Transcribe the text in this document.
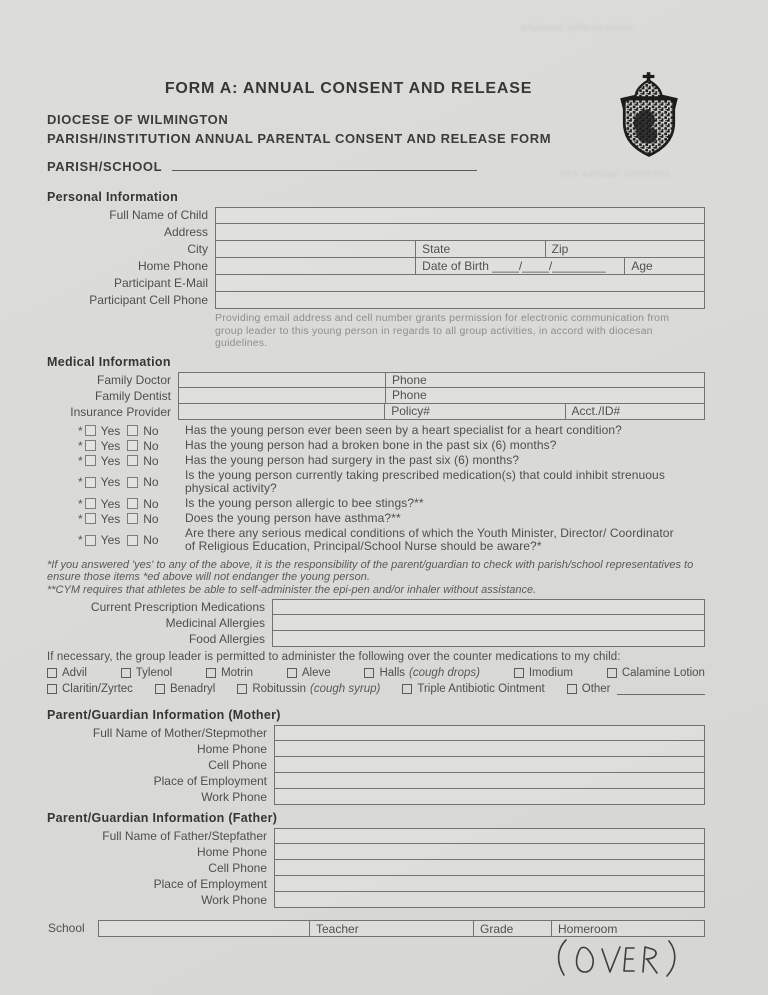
noitamrofni tneduts
tnesnoc launna eht
FORM A: ANNUAL CONSENT AND RELEASE
DIOCESE OF WILMINGTON
PARISH/INSTITUTION ANNUAL PARENTAL CONSENT AND RELEASE FORM
PARISH/SCHOOL
Personal Information
Full Name of Child
Address
City	State	Zip
Home Phone	Date of Birth ____/____/________ Age
Participant E-Mail
Participant Cell Phone
Providing email address and cell number grants permission for electronic communication from group leader to this young person in regards to all group activities, in accord with diocesan guidelines.
Medical Information
Family Doctor	Phone
Family Dentist	Phone
Insurance Provider	Policy#	Acct./ID#
* Yes No Has the young person ever been seen by a heart specialist for a heart condition?
* Yes No Has the young person had a broken bone in the past six (6) months?
* Yes No Has the young person had surgery in the past six (6) months?
* Yes No
Is the young person currently taking prescribed medication(s) that could inhibit strenuous physical activity?
* Yes No Is the young person allergic to bee stings?**
* Yes No Does the young person have asthma?**
* Yes No
Are there any serious medical conditions of which the Youth Minister, Director/ Coordinator of Religious Education, Principal/School Nurse should be aware?*
*If you answered 'yes' to any of the above, it is the responsibility of the parent/guardian to check with parish/school representatives to ensure those items *ed above will not endanger the young person.
**CYM requires that athletes be able to self-administer the epi-pen and/or inhaler without assistance.
Current Prescription Medications
Medicinal Allergies
Food Allergies
If necessary, the group leader is permitted to administer the following over the counter medications to my child:
Advil	Tylenol	Motrin	Aleve	Halls (cough drops)	Imodium	Calamine Lotion
Claritin/Zyrtec	Benadryl	Robitussin (cough syrup)	Triple Antibiotic Ointment	Other
Parent/Guardian Information (Mother)
Full Name of Mother/Stepmother
Home Phone
Cell Phone
Place of Employment
Work Phone
Parent/Guardian Information (Father)
Full Name of Father/Stepfather
Home Phone
Cell Phone
Place of Employment
Work Phone
School	Teacher	Grade	Homeroom
